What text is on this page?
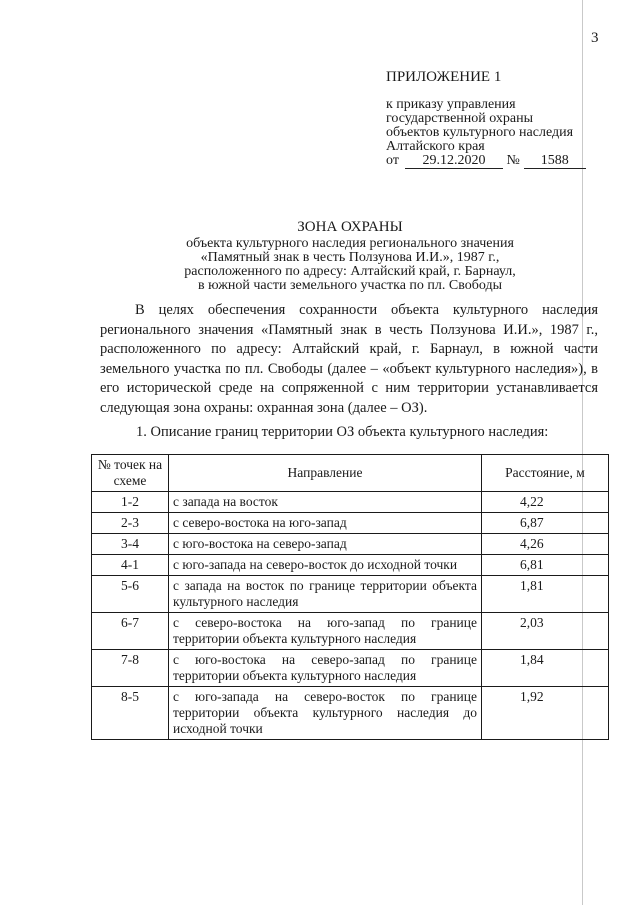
3
ПРИЛОЖЕНИЕ 1
к приказу управления
государственной охраны
объектов культурного наследия
Алтайского края
от 29.12.2020 № 1588
ЗОНА ОХРАНЫ
объекта культурного наследия регионального значения
«Памятный знак в честь Ползунова И.И.», 1987 г.,
расположенного по адресу: Алтайский край, г. Барнаул,
в южной части земельного участка по пл. Свободы

В целях обеспечения сохранности объекта культурного наследия регионального значения «Памятный знак в честь Ползунова И.И.», 1987 г., расположенного по адресу: Алтайский край, г. Барнаул, в южной части земельного участка по пл. Свободы (далее – «объект культурного наследия»), в его исторической среде на сопряженной с ним территории устанавливается следующая зона охраны: охранная зона (далее – ОЗ).

1. Описание границ территории ОЗ объекта культурного наследия:
№ точек на схеме	Направление	Расстояние, м
1-2	с запада на восток	4,22
2-3	с северо-востока на юго-запад	6,87
3-4	с юго-востока на северо-запад	4,26
4-1	с юго-запада на северо-восток до исходной точки	6,81
5-6	с запада на восток по границе территории объекта культурного наследия	1,81
6-7	с северо-востока на юго-запад по границе территории объекта культурного наследия	2,03
7-8	с юго-востока на северо-запад по границе территории объекта культурного наследия	1,84
8-5	с юго-запада на северо-восток по границе территории объекта культурного наследия до исходной точки	1,92
